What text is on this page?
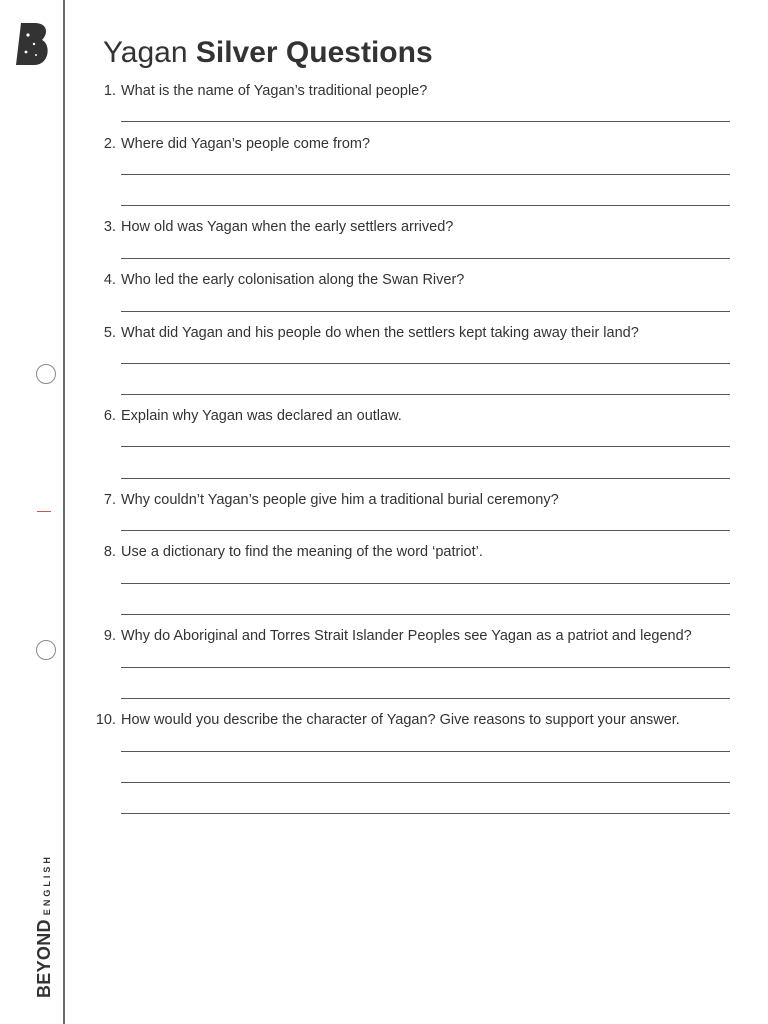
BEYONDENGLISH
Yagan Silver Questions
1. What is the name of Yagan’s traditional people?
2. Where did Yagan’s people come from?
3. How old was Yagan when the early settlers arrived?
4. Who led the early colonisation along the Swan River?
5. What did Yagan and his people do when the settlers kept taking away their land?
6. Explain why Yagan was declared an outlaw.
7. Why couldn’t Yagan’s people give him a traditional burial ceremony?
8. Use a dictionary to find the meaning of the word ‘patriot’.
9. Why do Aboriginal and Torres Strait Islander Peoples see Yagan as a patriot and legend?
10. How would you describe the character of Yagan? Give reasons to support your answer.
